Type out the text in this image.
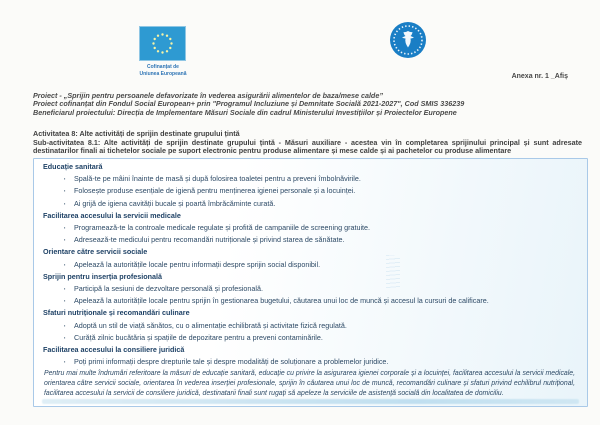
Cofinanțat de
Uniunea Europeană	Anexa nr. 1 _Afiș
Proiect - „Sprijin pentru persoanele defavorizate în vederea asigurării alimentelor de baza/mese calde”
Proiect cofinanțat din Fondul Social European+ prin "Programul Incluziune și Demnitate Socială 2021-2027", Cod SMIS 336239
Beneficiarul proiectului: Direcția de Implementare Măsuri Sociale din cadrul Ministerului Investițiilor și Proiectelor Europene

Activitatea 8: Alte activități de sprijin destinate grupului țintă

Sub-activitatea 8.1: Alte activități de sprijin destinate grupului țintă - Măsuri auxiliare - acestea vin în completarea sprijinului principal și sunt adresate destinatarilor finali ai tichetelor sociale pe suport electronic pentru produse alimentare și mese calde și ai pachetelor cu produse alimentare

Educație sanitară
▪	Spală-te pe mâini înainte de masă și după folosirea toaletei pentru a preveni îmbolnăvirile.
▪	Folosește produse esențiale de igienă pentru menținerea igienei personale și a locuinței.
▪	Ai grijă de igiena cavității bucale și poartă îmbrăcăminte curată.
Facilitarea accesului la servicii medicale
▪	Programează-te la controale medicale regulate și profită de campaniile de screening gratuite.
▪	Adresează-te medicului pentru recomandări nutriționale și privind starea de sănătate.
Orientare către servicii sociale
▪	Apelează la autoritățile locale pentru informații despre sprijin social disponibil.
Sprijin pentru inserția profesională
▪	Participă la sesiuni de dezvoltare personală și profesională.
▪	Apelează la autoritățile locale pentru sprijin în gestionarea bugetului, căutarea unui loc de muncă și accesul la cursuri de calificare.
Sfaturi nutriționale și recomandări culinare
▪	Adoptă un stil de viață sănătos, cu o alimentație echilibrată și activitate fizică regulată.
▪	Curăță zilnic bucătăria și spațiile de depozitare pentru a preveni contaminările.
Facilitarea accesului la consiliere juridică
▪	Poți primi informații despre drepturile tale și despre modalități de soluționare a problemelor juridice.

Pentru mai multe îndrumări referitoare la măsuri de educație sanitară, educație cu privire la asigurarea igienei corporale și a locuinței, facilitarea accesului la servicii medicale, orientarea către servicii sociale, orientarea în vederea inserției profesionale, sprijin în căutarea unui loc de muncă, recomandări culinare și sfaturi privind echilibrul nutrițional, facilitarea accesului la servicii de consiliere juridică, destinatarii finali sunt rugați să apeleze la serviciile de asistență socială din localitatea de domiciliu.
